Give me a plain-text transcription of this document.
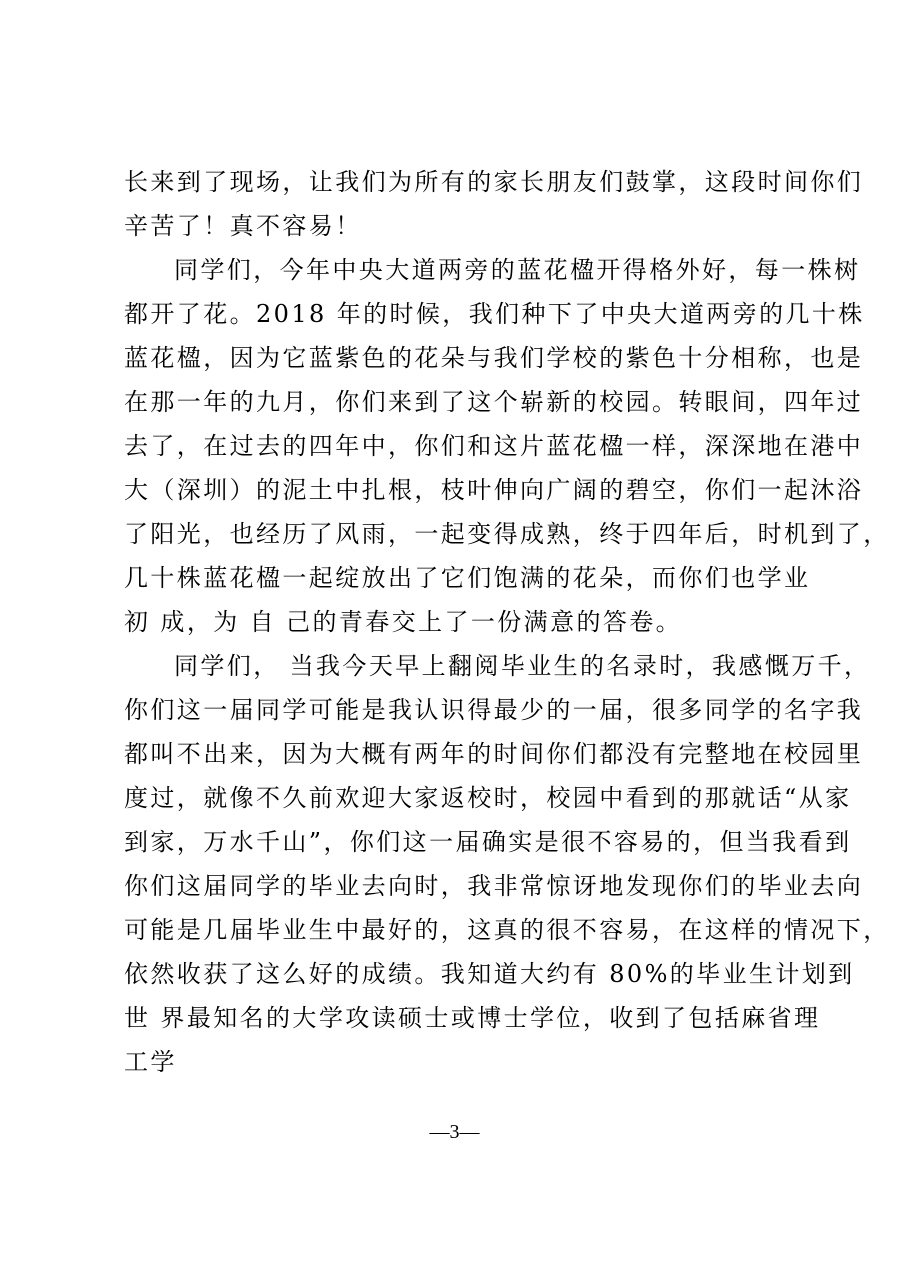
长来到了现场，让我们为所有的家长朋友们鼓掌，这段时间你们
辛苦了！真不容易！
同学们，今年中央大道两旁的蓝花楹开得格外好，每一株树
都开了花。2018 年的时候，我们种下了中央大道两旁的几十株
蓝花楹，因为它蓝紫色的花朵与我们学校的紫色十分相称，也是
在那一年的九月，你们来到了这个崭新的校园。转眼间，四年过
去了，在过去的四年中，你们和这片蓝花楹一样，深深地在港中
大（深圳）的泥土中扎根，枝叶伸向广阔的碧空，你们一起沐浴
了阳光，也经历了风雨，一起变得成熟，终于四年后，时机到了，
几十株蓝花楹一起绽放出了它们饱满的花朵，而你们也学业
初 成，为 自 己的青春交上了一份满意的答卷。
同学们， 当我今天早上翻阅毕业生的名录时，我感慨万千，
你们这一届同学可能是我认识得最少的一届，很多同学的名字我
都叫不出来，因为大概有两年的时间你们都没有完整地在校园里
度过，就像不久前欢迎大家返校时，校园中看到的那就话“从家
到家，万水千山”，你们这一届确实是很不容易的，但当我看到
你们这届同学的毕业去向时，我非常惊讶地发现你们的毕业去向
可能是几届毕业生中最好的，这真的很不容易，在这样的情况下，
依然收获了这么好的成绩。我知道大约有 80%的毕业生计划到
世 界最知名的大学攻读硕士或博士学位，收到了包括麻省理
工学
—3—
